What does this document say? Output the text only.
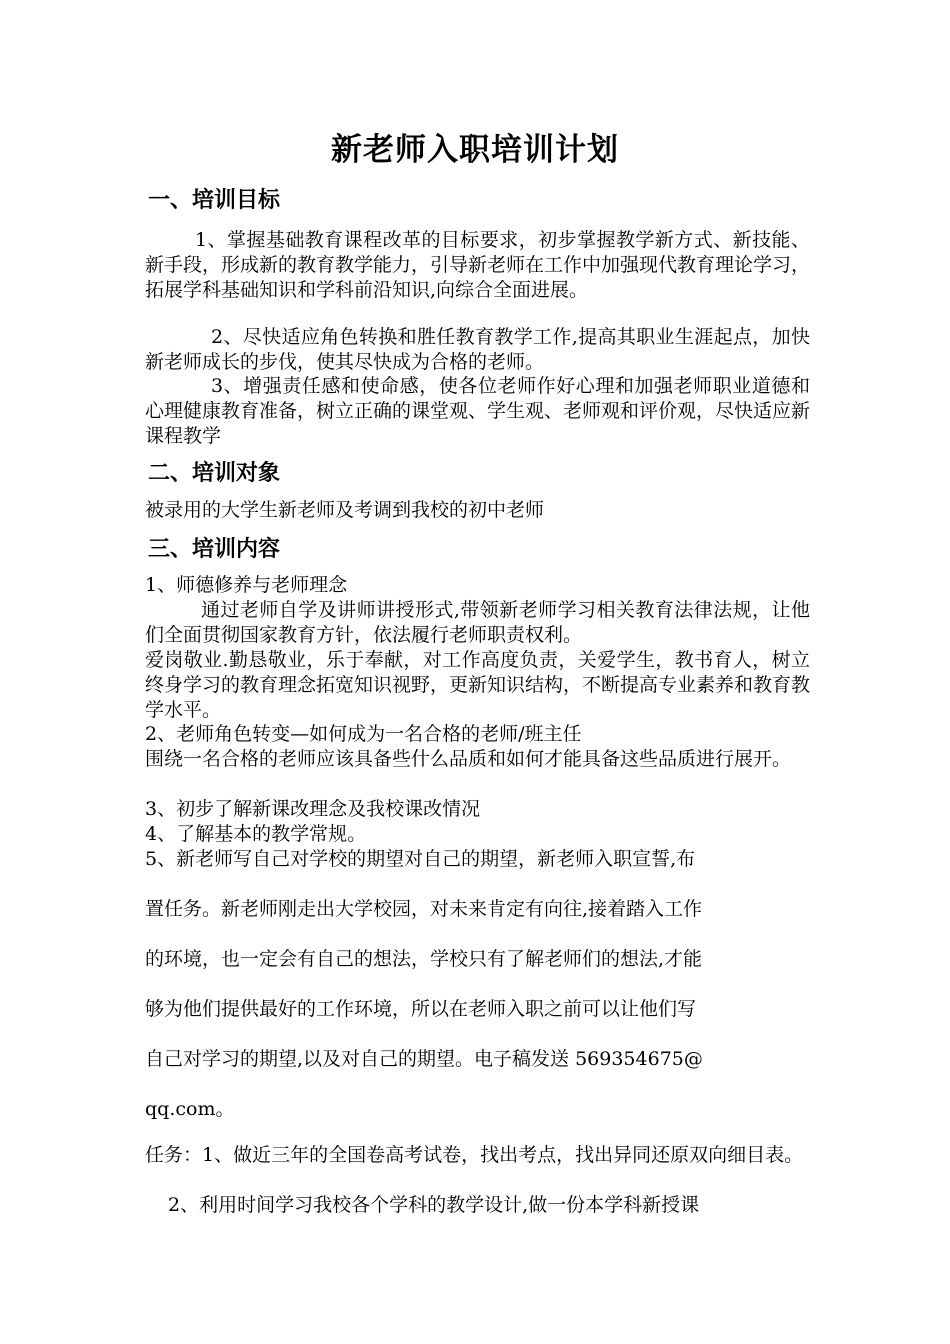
新老师入职培训计划
一、培训目标

1、掌握基础教育课程改革的目标要求，初步掌握教学新方式、新技能、新手段，形成新的教育教学能力，引导新老师在工作中加强现代教育理论学习，拓展学科基础知识和学科前沿知识,向综合全面进展。

2、尽快适应角色转换和胜任教育教学工作,提高其职业生涯起点，加快新老师成长的步伐，使其尽快成为合格的老师。

3、增强责任感和使命感，使各位老师作好心理和加强老师职业道德和心理健康教育准备，树立正确的课堂观、学生观、老师观和评价观，尽快适应新课程教学

二、培训对象

被录用的大学生新老师及考调到我校的初中老师

三、培训内容

1、师德修养与老师理念

通过老师自学及讲师讲授形式,带领新老师学习相关教育法律法规，让他们全面贯彻国家教育方针，依法履行老师职责权利。

爱岗敬业.勤恳敬业，乐于奉献，对工作高度负责，关爱学生，教书育人，树立终身学习的教育理念拓宽知识视野，更新知识结构，不断提高专业素养和教育教学水平。

2、老师角色转变—如何成为一名合格的老师/班主任

围绕一名合格的老师应该具备些什么品质和如何才能具备这些品质进行展开。

3、初步了解新课改理念及我校课改情况

4、了解基本的教学常规。

5、新老师写自己对学校的期望对自己的期望，新老师入职宣誓,布

置任务。新老师刚走出大学校园，对未来肯定有向往,接着踏入工作

的环境，也一定会有自己的想法，学校只有了解老师们的想法,才能

够为他们提供最好的工作环境，所以在老师入职之前可以让他们写

自己对学习的期望,以及对自己的期望。电子稿发送 569354675@

qq.com。

任务：1、做近三年的全国卷高考试卷，找出考点，找出异同还原双向细目表。

2、利用时间学习我校各个学科的教学设计,做一份本学科新授课
